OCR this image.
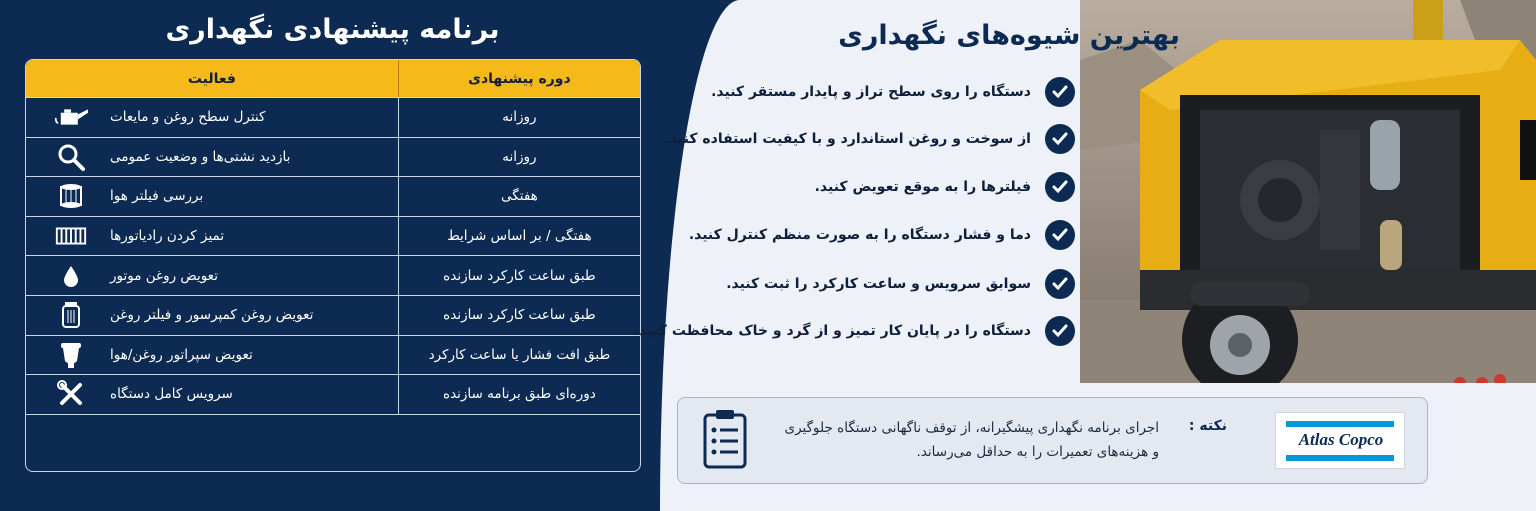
برنامه پیشنهادی نگهداری
فعالیت	دوره پیشنهادی
کنترل سطح روغن و مایعات	روزانه
بازدید نشتی‌ها و وضعیت عمومی	روزانه
بررسی فیلتر هوا	هفتگی
تمیز کردن رادیاتورها	هفتگی / بر اساس شرایط
تعویض روغن موتور	طبق ساعت کارکرد سازنده
تعویض روغن کمپرسور و فیلتر روغن	طبق ساعت کارکرد سازنده
تعویض سپراتور روغن/هوا	طبق افت فشار یا ساعت کارکرد
سرویس کامل دستگاه	دوره‌ای طبق برنامه سازنده
بهترین شیوه‌های نگهداری
دستگاه را روی سطح تراز و پایدار مستقر کنید.
از سوخت و روغن استاندارد و با کیفیت استفاده کنید.
فیلترها را به موقع تعویض کنید.
دما و فشار دستگاه را به صورت منظم کنترل کنید.
سوابق سرویس و ساعت کارکرد را ثبت کنید.
دستگاه را در پایان کار تمیز و از گرد و خاک محافظت کنید.
اجرای برنامه نگهداری پیشگیرانه، از توقف ناگهانی دستگاه جلوگیری
و هزینه‌های تعمیرات را به حداقل می‌رساند.
نکته :
Atlas Copco
